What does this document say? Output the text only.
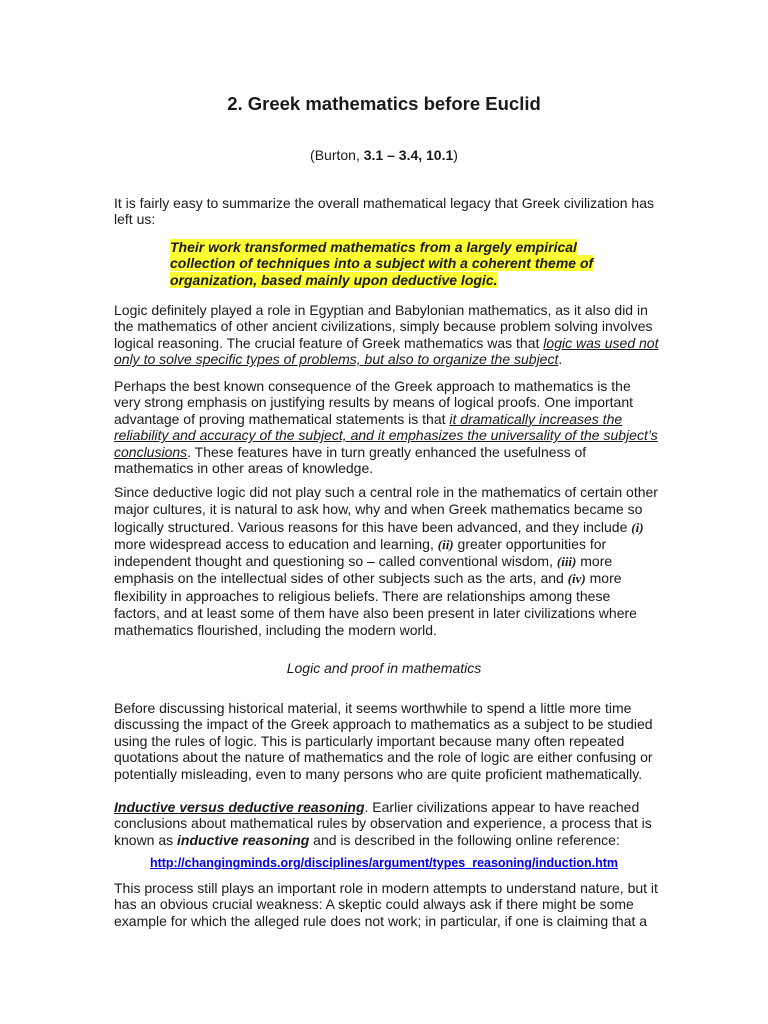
2. Greek mathematics before Euclid
(Burton, 3.1 – 3.4, 10.1)

It is fairly easy to summarize the overall mathematical legacy that Greek civilization has left us:

Their work transformed mathematics from a largely empirical collection of techniques into a subject with a coherent theme of organization, based mainly upon deductive logic.

Logic definitely played a role in Egyptian and Babylonian mathematics, as it also did in the mathematics of other ancient civilizations, simply because problem solving involves logical reasoning. The crucial feature of Greek mathematics was that logic was used not only to solve specific types of problems, but also to organize the subject.

Perhaps the best known consequence of the Greek approach to mathematics is the very strong emphasis on justifying results by means of logical proofs. One important advantage of proving mathematical statements is that it dramatically increases the reliability and accuracy of the subject, and it emphasizes the universality of the subject’s conclusions. These features have in turn greatly enhanced the usefulness of mathematics in other areas of knowledge.

Since deductive logic did not play such a central role in the mathematics of certain other major cultures, it is natural to ask how, why and when Greek mathematics became so logically structured. Various reasons for this have been advanced, and they include (i) more widespread access to education and learning, (ii) greater opportunities for independent thought and questioning so – called conventional wisdom, (iii) more emphasis on the intellectual sides of other subjects such as the arts, and (iv) more flexibility in approaches to religious beliefs. There are relationships among these factors, and at least some of them have also been present in later civilizations where mathematics flourished, including the modern world.

Logic and proof in mathematics

Before discussing historical material, it seems worthwhile to spend a little more time discussing the impact of the Greek approach to mathematics as a subject to be studied using the rules of logic. This is particularly important because many often repeated quotations about the nature of mathematics and the role of logic are either confusing or potentially misleading, even to many persons who are quite proficient mathematically.

Inductive versus deductive reasoning. Earlier civilizations appear to have reached conclusions about mathematical rules by observation and experience, a process that is known as inductive reasoning and is described in the following online reference:

http://changingminds.org/disciplines/argument/types_reasoning/induction.htm

This process still plays an important role in modern attempts to understand nature, but it has an obvious crucial weakness: A skeptic could always ask if there might be some example for which the alleged rule does not work; in particular, if one is claiming that a
